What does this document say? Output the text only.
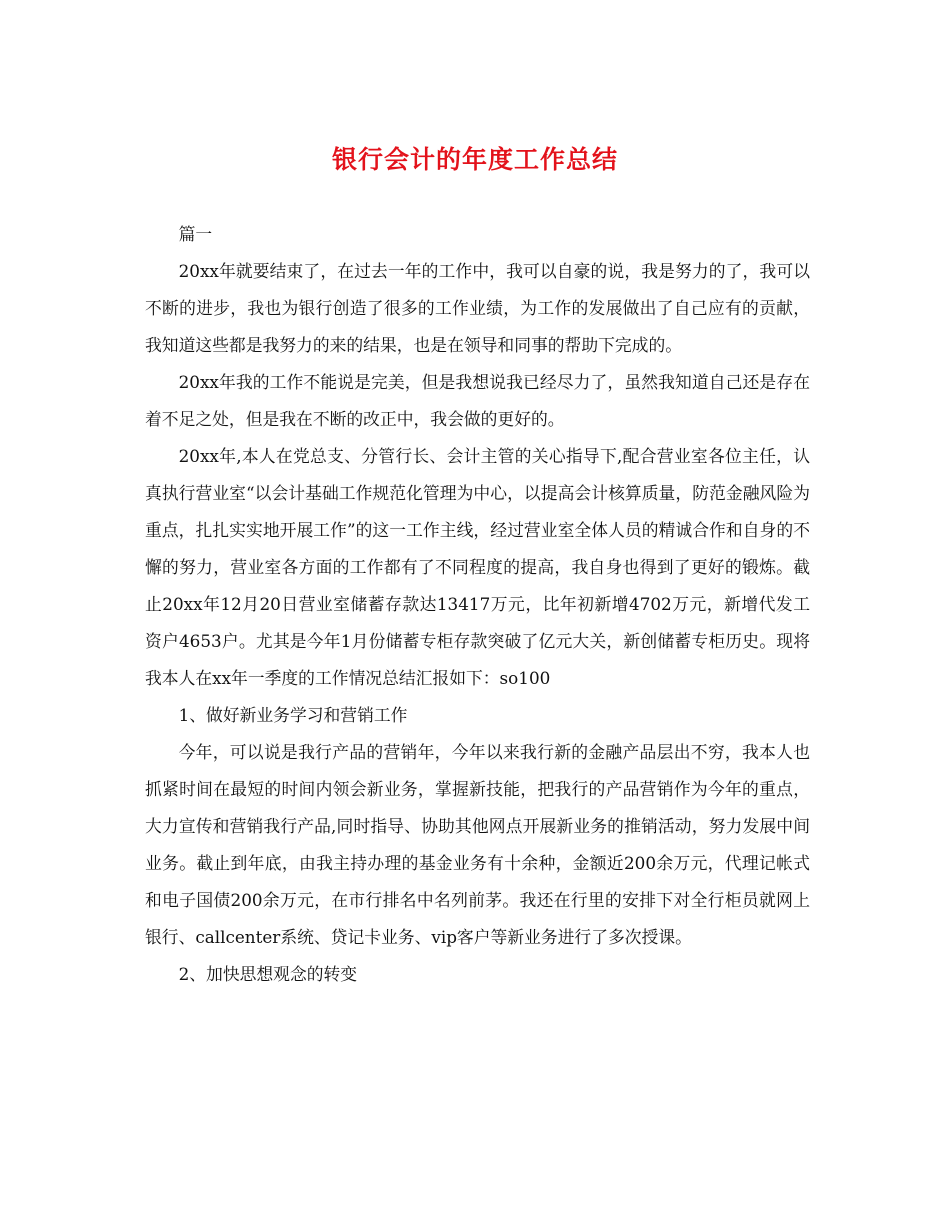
银行会计的年度工作总结

篇一

20xx年就要结束了，在过去一年的工作中，我可以自豪的说，我是努力的了，我可以不断的进步，我也为银行创造了很多的工作业绩，为工作的发展做出了自己应有的贡献，我知道这些都是我努力的来的结果，也是在领导和同事的帮助下完成的。

20xx年我的工作不能说是完美，但是我想说我已经尽力了，虽然我知道自己还是存在着不足之处，但是我在不断的改正中，我会做的更好的。

20xx年,本人在党总支、分管行长、会计主管的关心指导下,配合营业室各位主任，认真执行营业室“以会计基础工作规范化管理为中心，以提高会计核算质量，防范金融风险为重点，扎扎实实地开展工作”的这一工作主线，经过营业室全体人员的精诚合作和自身的不懈的努力，营业室各方面的工作都有了不同程度的提高，我自身也得到了更好的锻炼。截止20xx年12月20日营业室储蓄存款达13417万元，比年初新增4702万元，新增代发工资户4653户。尤其是今年1月份储蓄专柜存款突破了亿元大关，新创储蓄专柜历史。现将我本人在xx年一季度的工作情况总结汇报如下：so100

1、做好新业务学习和营销工作

今年，可以说是我行产品的营销年，今年以来我行新的金融产品层出不穷，我本人也抓紧时间在最短的时间内领会新业务，掌握新技能，把我行的产品营销作为今年的重点，大力宣传和营销我行产品,同时指导、协助其他网点开展新业务的推销活动，努力发展中间业务。截止到年底，由我主持办理的基金业务有十余种，金额近200余万元，代理记帐式和电子国债200余万元，在市行排名中名列前茅。我还在行里的安排下对全行柜员就网上银行、callcenter系统、贷记卡业务、vip客户等新业务进行了多次授课。

2、加快思想观念的转变
